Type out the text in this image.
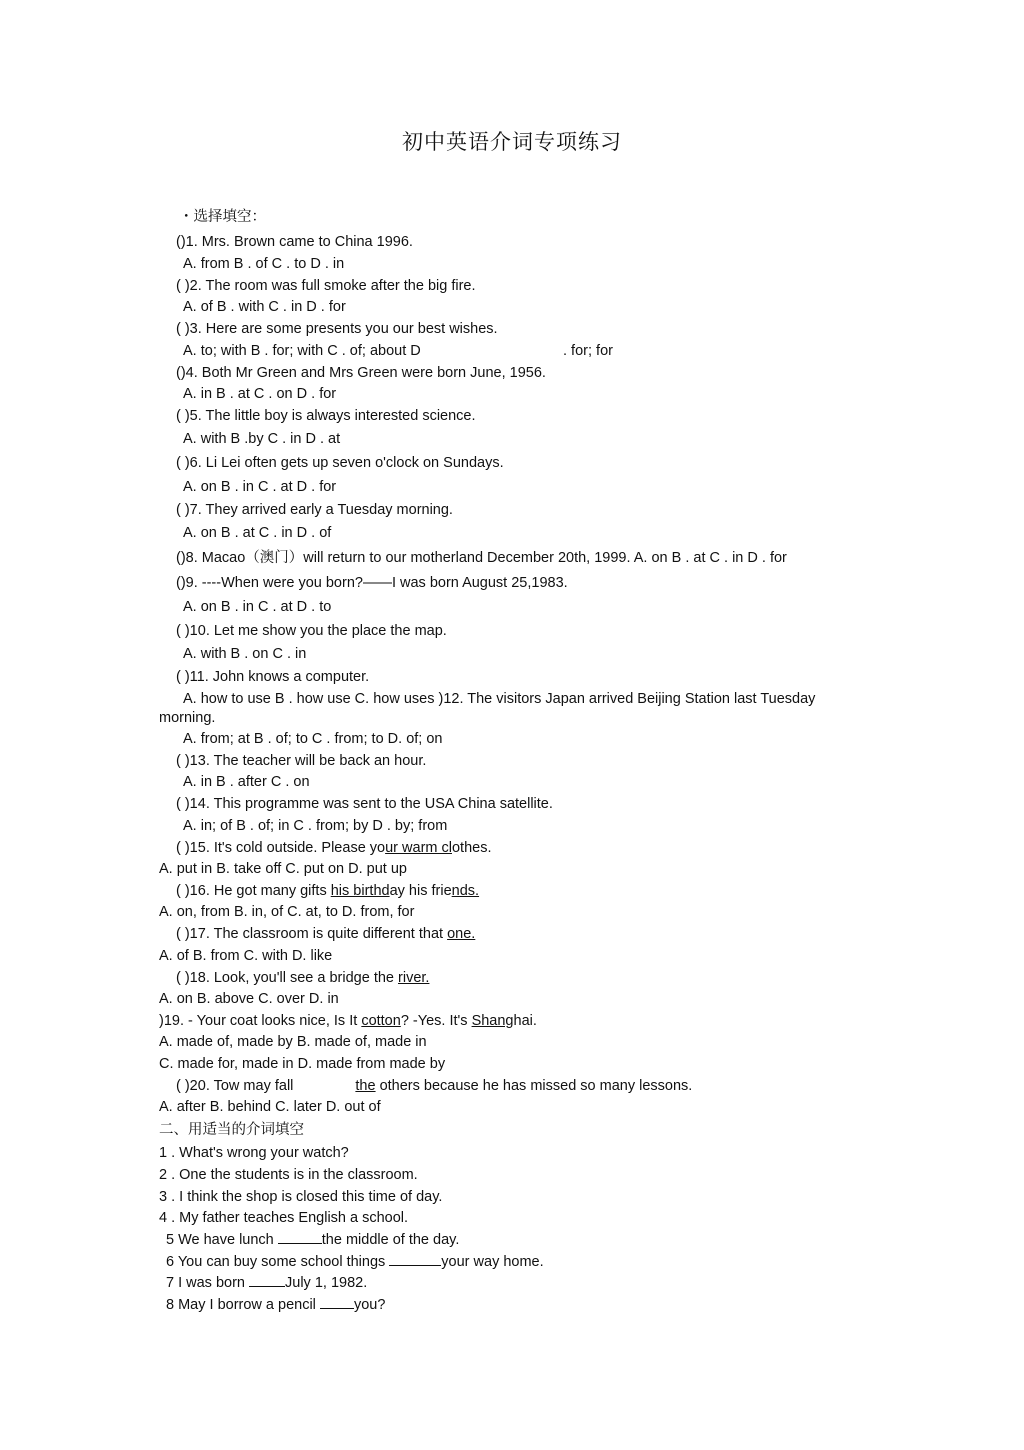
初中英语介词专项练习
・选择填空：
()1. Mrs. Brown came to China 1996.
A. from B . of C . to D . in
( )2. The room was full smoke after the big fire.
A. of B . with C . in D . for
( )3. Here are some presents you our best wishes.
A. to; with B . for; with C . of; about D	. for; for
()4. Both Mr Green and Mrs Green were born June, 1956.
A. in B . at C . on D . for
( )5. The little boy is always interested science.
A. with B .by C . in D . at
( )6. Li Lei often gets up seven o'clock on Sundays.
A. on B . in C . at D . for
( )7. They arrived early a Tuesday morning.
A. on B . at C . in D . of
()8. Macao（澳门）will return to our motherland December 20th, 1999. A. on B . at C . in D . for
()9. ----When were you born?——I was born August 25,1983.
A. on B . in C . at D . to
( )10. Let me show you the place the map.
A. with B . on C . in
( )11. John knows a computer.
A. how to use B . how use C. how uses )12. The visitors Japan arrived Beijing Station last Tuesday
morning.
A. from; at B . of; to C . from; to D. of; on
( )13. The teacher will be back an hour.
A. in B . after C . on
( )14. This programme was sent to the USA China satellite.
A. in; of B . of; in C . from; by D . by; from
( )15. It's cold outside. Please your warm clothes.
A. put in B. take off C. put on D. put up
( )16. He got many gifts his birthday his friends.
A. on, from B. in, of C. at, to D. from, for
( )17. The classroom is quite different that one.
A. of B. from C. with D. like
( )18. Look, you'll see a bridge the river.
A. on B. above C. over D. in
)19. - Your coat looks nice, Is It cotton? -Yes. It's Shanghai.
A. made of, made by B. made of, made in
C. made for, made in D. made from made by
( )20. Tow may fall	the others because he has missed so many lessons.
A. after B. behind C. later D. out of
二、用适当的介词填空
1 . What's wrong your watch?
2 . One the students is in the classroom.
3 . I think the shop is closed this time of day.
4 . My father teaches English a school.
5 We have lunch	the middle of the day.
6 You can buy some school things	your way home.
7 I was born July 1, 1982.
8 May I borrow a pencil you?
